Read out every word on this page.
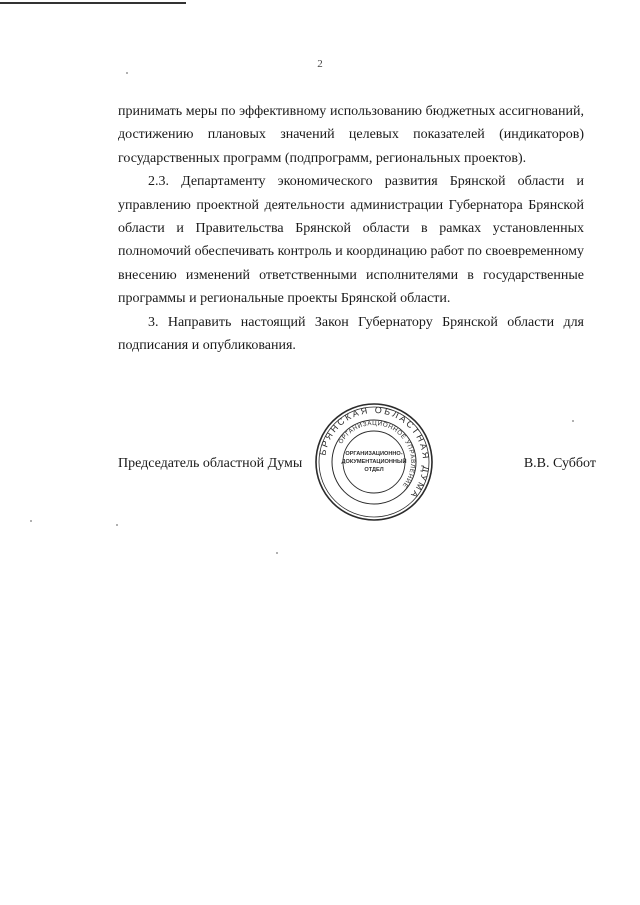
2

принимать меры по эффективному использованию бюджетных ассигнований, достижению плановых значений целевых показателей (индикаторов) государственных программ (подпрограмм, региональных проектов).

2.3. Департаменту экономического развития Брянской области и управлению проектной деятельности администрации Губернатора Брянской области и Правительства Брянской области в рамках установленных полномочий обеспечивать контроль и координацию работ по своевременному внесению изменений ответственными исполнителями в государственные программы и региональные проекты Брянской области.

3. Направить настоящий Закон Губернатору Брянской области для подписания и опубликования.

Председатель областной Думы	В.В. Суббот
БРЯНСКАЯ ОБЛАСТНАЯ ДУМА
ОРГАНИЗАЦИОННОЕ УПРАВЛЕНИЕ
ОРГАНИЗАЦИОННО-
ДОКУМЕНТАЦИОННЫЙ
ОТДЕЛ
